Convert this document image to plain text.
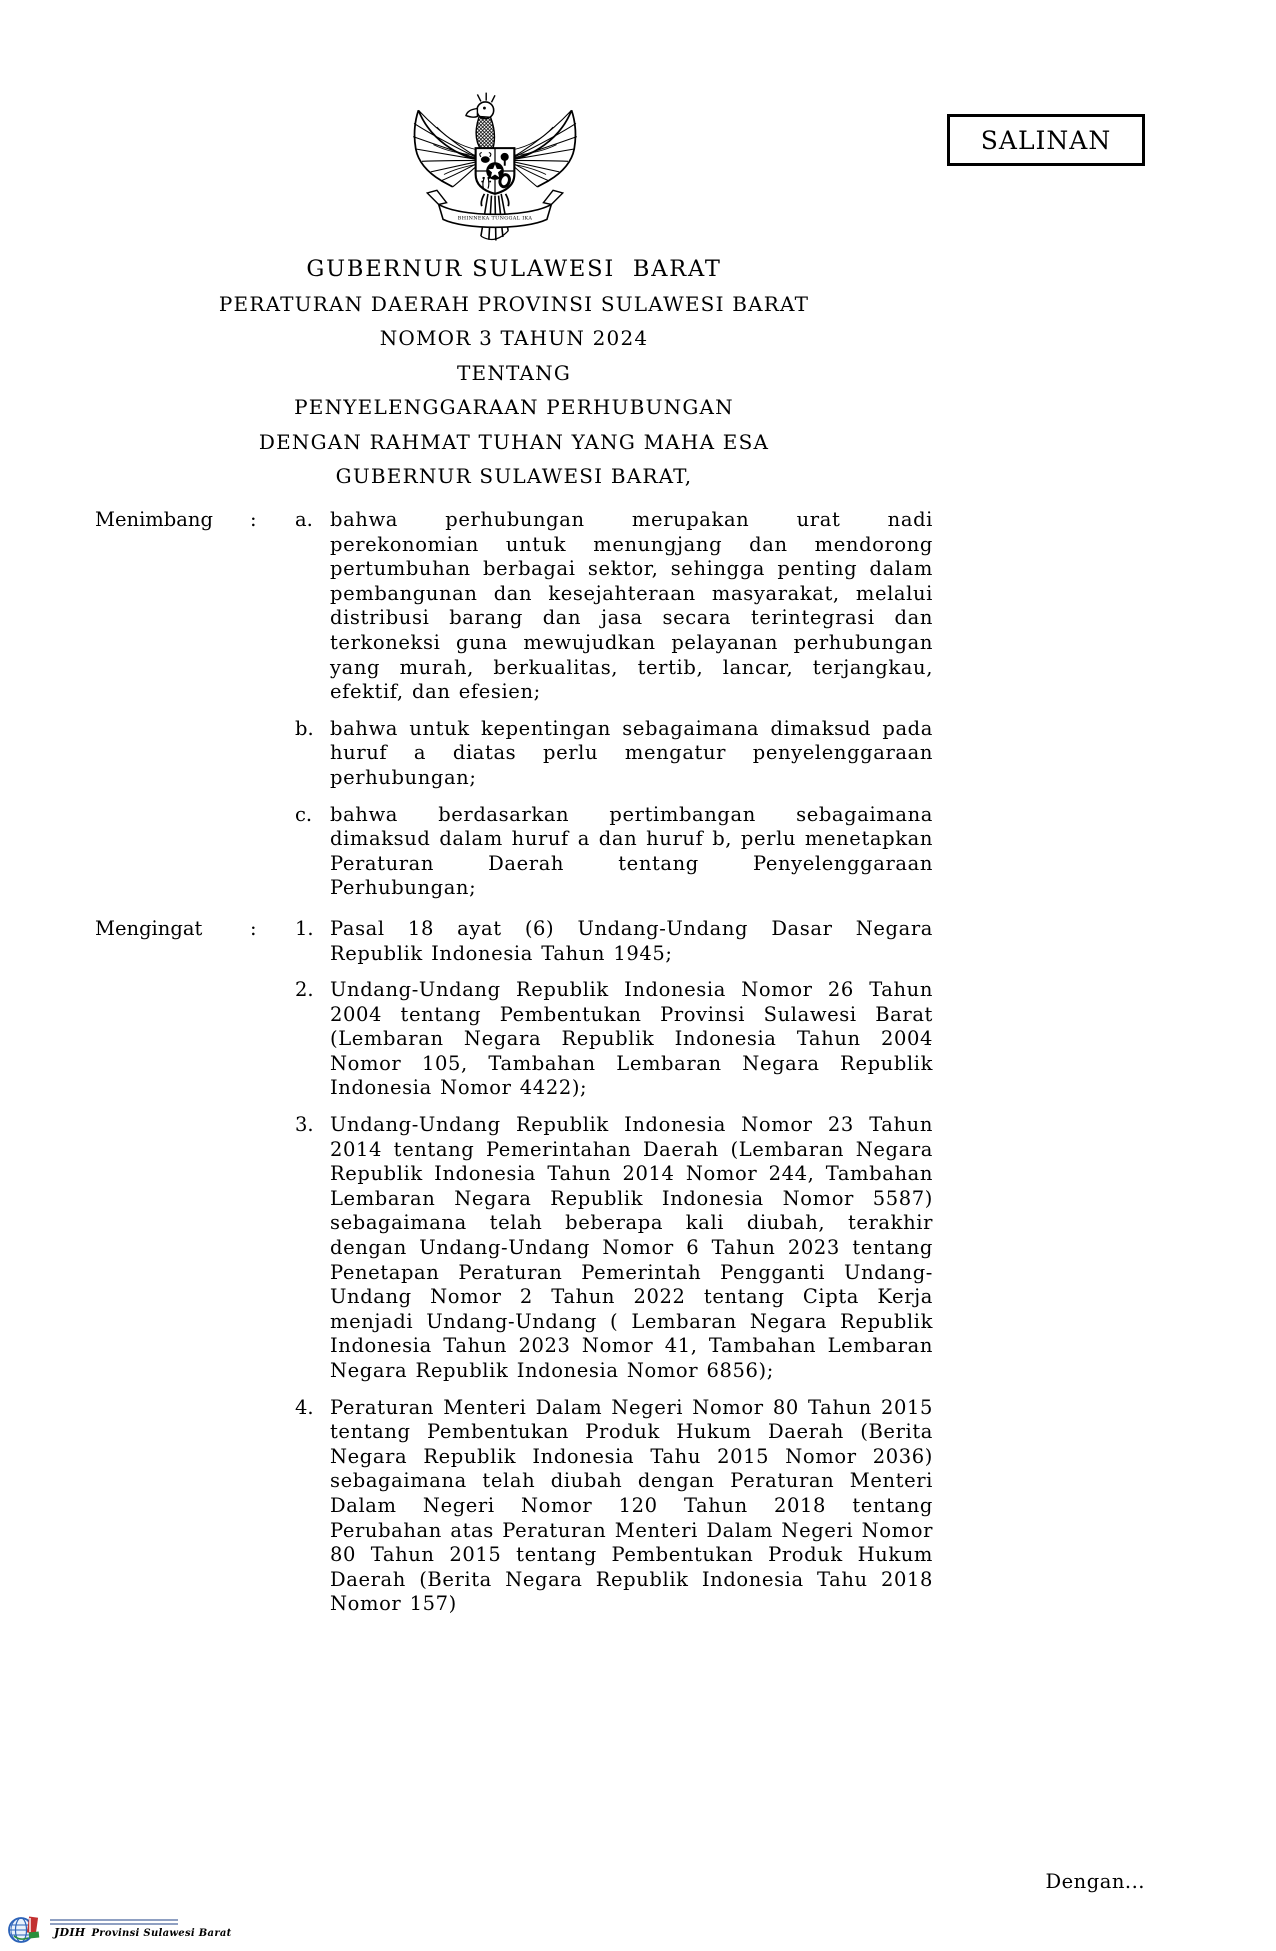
SALINAN
BHINNEKA TUNGGAL IKA
GUBERNUR SULAWESI  BARAT
PERATURAN DAERAH PROVINSI SULAWESI BARAT
NOMOR 3 TAHUN 2024
TENTANG
PENYELENGGARAAN PERHUBUNGAN
DENGAN RAHMAT TUHAN YANG MAHA ESA
GUBERNUR SULAWESI BARAT,
Menimbang	:	a. bahwa perhubungan merupakan urat nadi perekonomian untuk menungjang dan mendorong pertumbuhan berbagai sektor, sehingga penting dalam pembangunan dan kesejahteraan masyarakat, melalui distribusi barang dan jasa secara terintegrasi dan terkoneksi guna mewujudkan pelayanan perhubungan yang murah, berkualitas, tertib, lancar, terjangkau, efektif, dan efesien;
b. bahwa untuk kepentingan sebagaimana dimaksud pada huruf a diatas perlu mengatur penyelenggaraan perhubungan;
c. bahwa berdasarkan pertimbangan sebagaimana dimaksud dalam huruf a dan huruf b, perlu menetapkan Peraturan Daerah tentang Penyelenggaraan Perhubungan;
Mengingat	:	1. Pasal 18 ayat (6) Undang-Undang Dasar Negara Republik Indonesia Tahun 1945;
2. Undang-Undang Republik Indonesia Nomor 26 Tahun 2004 tentang Pembentukan Provinsi Sulawesi Barat (Lembaran Negara Republik Indonesia Tahun 2004 Nomor 105, Tambahan Lembaran Negara Republik Indonesia Nomor 4422);
3. Undang-Undang Republik Indonesia Nomor 23 Tahun 2014 tentang Pemerintahan Daerah (Lembaran Negara Republik Indonesia Tahun 2014 Nomor 244, Tambahan Lembaran Negara Republik Indonesia Nomor 5587) sebagaimana telah beberapa kali diubah, terakhir dengan Undang-Undang Nomor 6 Tahun 2023 tentang Penetapan Peraturan Pemerintah Pengganti Undang-Undang Nomor 2 Tahun 2022 tentang Cipta Kerja menjadi Undang-Undang ( Lembaran Negara Republik Indonesia Tahun 2023 Nomor 41, Tambahan Lembaran Negara Republik Indonesia Nomor 6856);
4. Peraturan Menteri Dalam Negeri Nomor 80 Tahun 2015 tentang Pembentukan Produk Hukum Daerah (Berita Negara Republik Indonesia Tahu 2015 Nomor 2036) sebagaimana telah diubah dengan Peraturan Menteri Dalam Negeri Nomor 120 Tahun 2018 tentang Perubahan atas Peraturan Menteri Dalam Negeri Nomor 80 Tahun 2015 tentang Pembentukan Produk Hukum Daerah (Berita Negara Republik Indonesia Tahu 2018 Nomor 157)
Dengan...
JDIH Provinsi Sulawesi Barat
